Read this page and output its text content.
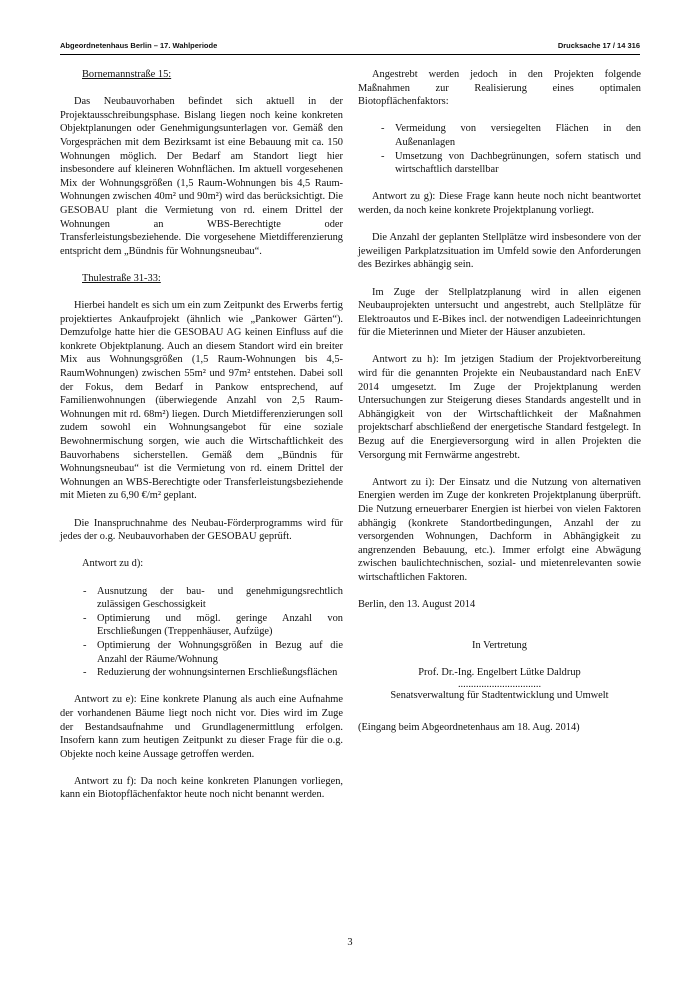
Abgeordnetenhaus Berlin – 17. Wahlperiode	Drucksache 17 / 14 316

Bornemannstraße 15:

Das Neubauvorhaben befindet sich aktuell in der Projektausschreibungsphase. Bislang liegen noch keine konkreten Objektplanungen oder Genehmigungsunterlagen vor. Gemäß den Vorgesprächen mit dem Bezirksamt ist eine Bebauung mit ca. 150 Wohnungen möglich. Der Bedarf am Standort liegt hier insbesondere auf kleineren Wohnflächen. Im aktuell vorgesehenen Mix der Wohnungsgrößen (1,5 Raum-Wohnungen bis 4,5 Raum-Wohnungen zwischen 40m² und 90m²) wird das berücksichtigt. Die GESOBAU plant die Vermietung von rd. einem Drittel der Wohnungen an WBS-Berechtigte oder Transferleistungsbeziehende. Die vorgesehene Mietdifferenzierung entspricht dem „Bündnis für Wohnungsneubau“.

Thulestraße 31-33:

Hierbei handelt es sich um ein zum Zeitpunkt des Erwerbs fertig projektiertes Ankaufprojekt (ähnlich wie „Pankower Gärten“). Demzufolge hatte hier die GESOBAU AG keinen Einfluss auf die konkrete Objektplanung. Auch an diesem Standort wird ein breiter Mix aus Wohnungsgrößen (1,5 Raum-Wohnungen bis 4,5-RaumWohnungen) zwischen 55m² und 97m² entstehen. Dabei soll der Fokus, dem Bedarf in Pankow entsprechend, auf Familienwohnungen (überwiegende Anzahl von 2,5 Raum-Wohnungen mit rd. 68m²) liegen. Durch Mietdifferenzierungen soll zudem sowohl ein Wohnungsangebot für eine soziale Bewohnermischung sorgen, wie auch die Wirtschaftlichkeit des Bauvorhabens sicherstellen. Gemäß dem „Bündnis für Wohnungsneubau“ ist die Vermietung von rd. einem Drittel der Wohnungen an WBS-Berechtigte oder Transferleistungsbeziehende mit Mieten zu 6,90 €/m² geplant.

Die Inanspruchnahme des Neubau-Förderprogramms wird für jedes der o.g. Neubauvorhaben der GESOBAU geprüft.

Antwort zu d):

- Ausnutzung der bau- und genehmigungsrechtlich zulässigen Geschossigkeit
- Optimierung und mögl. geringe Anzahl von Erschließungen (Treppenhäuser, Aufzüge)
- Optimierung der Wohnungsgrößen in Bezug auf die Anzahl der Räume/Wohnung
- Reduzierung der wohnungsinternen Erschließungsflächen

Antwort zu e): Eine konkrete Planung als auch eine Aufnahme der vorhandenen Bäume liegt noch nicht vor. Dies wird im Zuge der Bestandsaufnahme und Grundlagenermittlung erfolgen. Insofern kann zum heutigen Zeitpunkt zu dieser Frage für die o.g. Objekte noch keine Aussage getroffen werden.

Antwort zu f): Da noch keine konkreten Planungen vorliegen, kann ein Biotopflächenfaktor heute noch nicht benannt werden.

Angestrebt werden jedoch in den Projekten folgende Maßnahmen zur Realisierung eines optimalen Biotopflächenfaktors:

- Vermeidung von versiegelten Flächen in den Außenanlagen
- Umsetzung von Dachbegrünungen, sofern statisch und wirtschaftlich darstellbar

Antwort zu g): Diese Frage kann heute noch nicht beantwortet werden, da noch keine konkrete Projektplanung vorliegt.

Die Anzahl der geplanten Stellplätze wird insbesondere von der jeweiligen Parkplatzsituation im Umfeld sowie den Anforderungen des Bezirkes abhängig sein.

Im Zuge der Stellplatzplanung wird in allen eigenen Neubauprojekten untersucht und angestrebt, auch Stellplätze für Elektroautos und E-Bikes incl. der notwendigen Ladeeinrichtungen für die Mieterinnen und Mieter der Häuser anzubieten.

Antwort zu h): Im jetzigen Stadium der Projektvorbereitung wird für die genannten Projekte ein Neubaustandard nach EnEV 2014 umgesetzt. Im Zuge der Projektplanung werden Untersuchungen zur Steigerung dieses Standards angestellt und in Abhängigkeit von der Wirtschaftlichkeit der Maßnahmen projektscharf abschließend der energetische Standard festgelegt. In Bezug auf die Energieversorgung wird in allen Projekten die Versorgung mit Fernwärme angestrebt.

Antwort zu i): Der Einsatz und die Nutzung von alternativen Energien werden im Zuge der konkreten Projektplanung überprüft. Die Nutzung erneuerbarer Energien ist hierbei von vielen Faktoren abhängig (konkrete Standortbedingungen, Anzahl der zu versorgenden Wohnungen, Dachform in Abhängigkeit zu angrenzenden Bebauung, etc.). Immer erfolgt eine Abwägung zwischen baulichtechnischen, sozial- und mietenrelevanten sowie wirtschaftlichen Faktoren.

Berlin, den 13. August 2014

In Vertretung

Prof. Dr.-Ing. Engelbert Lütke Daldrup

................................

Senatsverwaltung für Stadtentwicklung und Umwelt

(Eingang beim Abgeordnetenhaus am 18. Aug. 2014)

3
